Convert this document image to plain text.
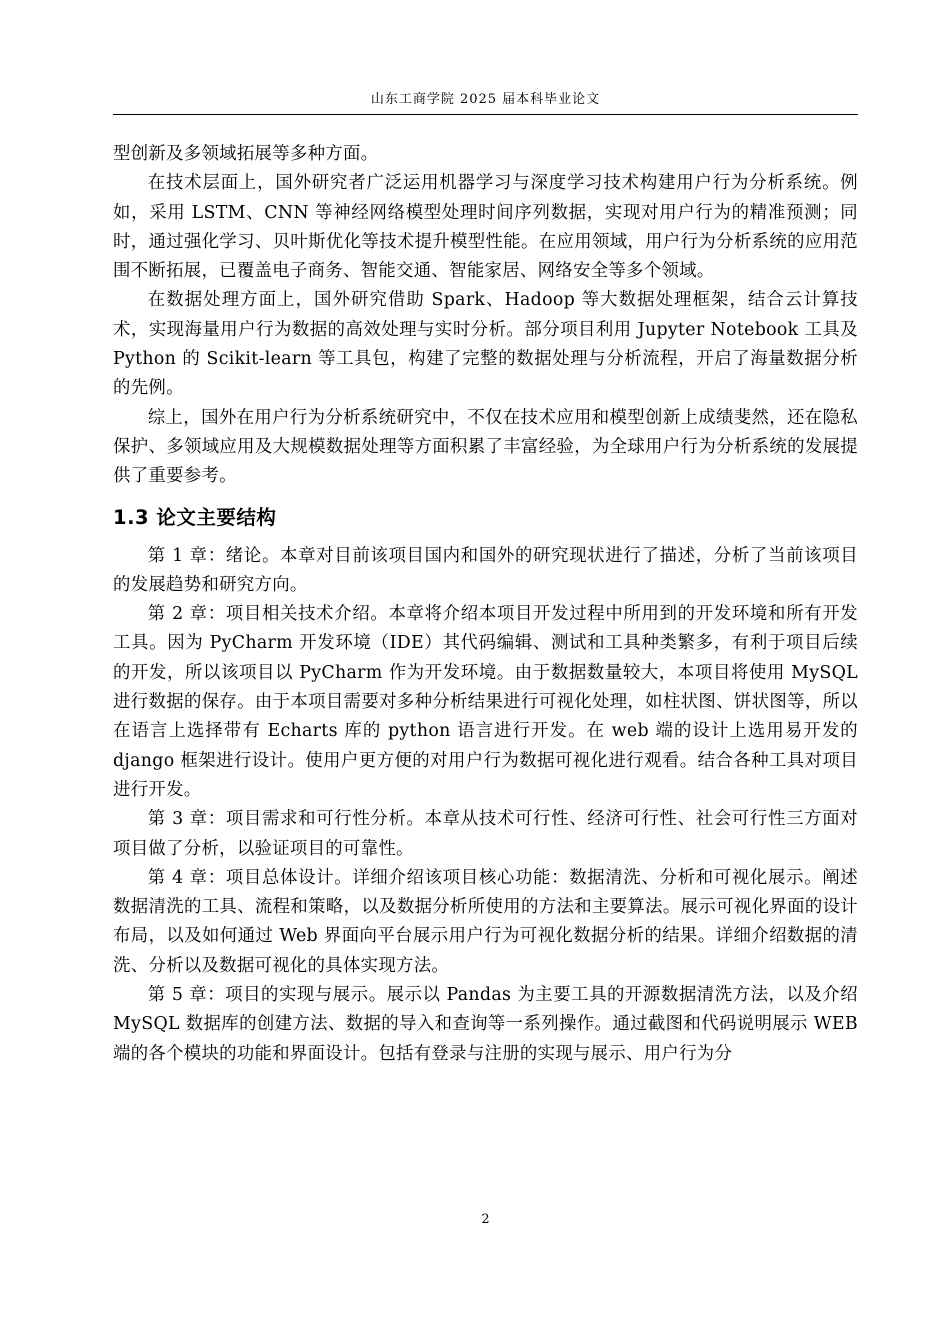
山东工商学院 2025 届本科毕业论文

型创新及多领域拓展等多种方面。

在技术层面上，国外研究者广泛运用机器学习与深度学习技术构建用户行为分析系统。例如，采用 LSTM、CNN 等神经网络模型处理时间序列数据，实现对用户行为的精准预测；同时，通过强化学习、贝叶斯优化等技术提升模型性能。在应用领域，用户行为分析系统的应用范围不断拓展，已覆盖电子商务、智能交通、智能家居、网络安全等多个领域。

在数据处理方面上，国外研究借助 Spark、Hadoop 等大数据处理框架，结合云计算技术，实现海量用户行为数据的高效处理与实时分析。部分项目利用 Jupyter Notebook 工具及 Python 的 Scikit-learn 等工具包，构建了完整的数据处理与分析流程，开启了海量数据分析的先例。

综上，国外在用户行为分析系统研究中，不仅在技术应用和模型创新上成绩斐然，还在隐私保护、多领域应用及大规模数据处理等方面积累了丰富经验，为全球用户行为分析系统的发展提供了重要参考。

1.3 论文主要结构

第 1 章：绪论。本章对目前该项目国内和国外的研究现状进行了描述，分析了当前该项目的发展趋势和研究方向。

第 2 章：项目相关技术介绍。本章将介绍本项目开发过程中所用到的开发环境和所有开发工具。因为 PyCharm 开发环境（IDE）其代码编辑、测试和工具种类繁多，有利于项目后续的开发，所以该项目以 PyCharm 作为开发环境。由于数据数量较大，本项目将使用 MySQL 进行数据的保存。由于本项目需要对多种分析结果进行可视化处理，如柱状图、饼状图等，所以在语言上选择带有 Echarts 库的 python 语言进行开发。在 web 端的设计上选用易开发的 django 框架进行设计。使用户更方便的对用户行为数据可视化进行观看。结合各种工具对项目进行开发。

第 3 章：项目需求和可行性分析。本章从技术可行性、经济可行性、社会可行性三方面对项目做了分析，以验证项目的可靠性。

第 4 章：项目总体设计。详细介绍该项目核心功能：数据清洗、分析和可视化展示。阐述数据清洗的工具、流程和策略，以及数据分析所使用的方法和主要算法。展示可视化界面的设计布局，以及如何通过 Web 界面向平台展示用户行为可视化数据分析的结果。详细介绍数据的清洗、分析以及数据可视化的具体实现方法。

第 5 章：项目的实现与展示。展示以 Pandas 为主要工具的开源数据清洗方法，以及介绍 MySQL 数据库的创建方法、数据的导入和查询等一系列操作。通过截图和代码说明展示 WEB 端的各个模块的功能和界面设计。包括有登录与注册的实现与展示、用户行为分

2
